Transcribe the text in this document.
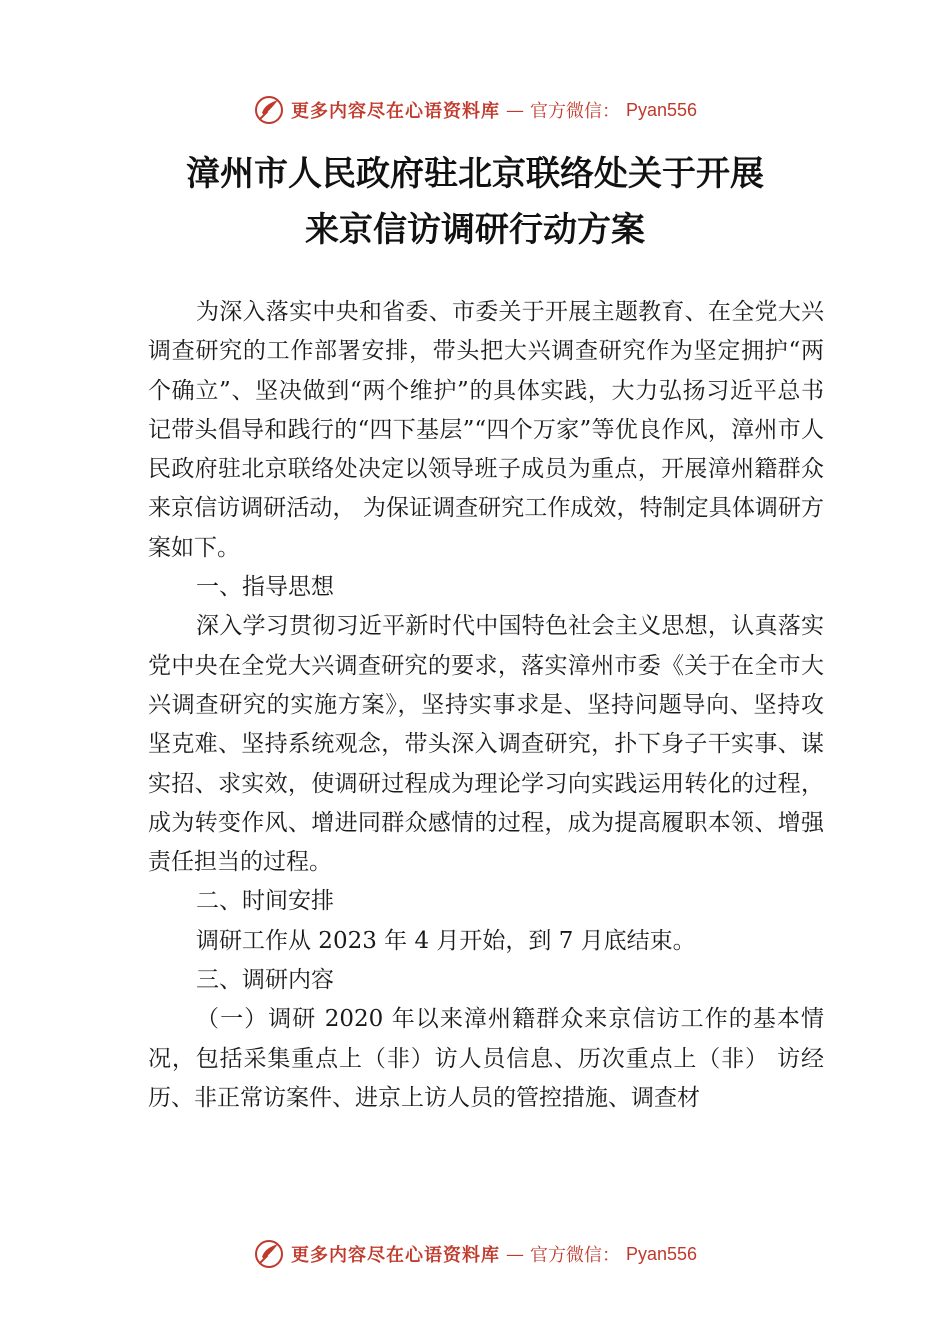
更多内容尽在心语资料库 — 官方微信： Pyan556
漳州市人民政府驻北京联络处关于开展
来京信访调研行动方案

为深入落实中央和省委、市委关于开展主题教育、在全党大兴调查研究的工作部署安排，带头把大兴调查研究作为坚定拥护“两个确立”、坚决做到“两个维护”的具体实践，大力弘扬习近平总书记带头倡导和践行的“四下基层”“四个万家”等优良作风，漳州市人民政府驻北京联络处决定以领导班子成员为重点，开展漳州籍群众来京信访调研活动， 为保证调查研究工作成效，特制定具体调研方案如下。

一、指导思想

深入学习贯彻习近平新时代中国特色社会主义思想，认真落实党中央在全党大兴调查研究的要求，落实漳州市委《关于在全市大兴调查研究的实施方案》，坚持实事求是、坚持问题导向、坚持攻坚克难、坚持系统观念，带头深入调查研究，扑下身子干实事、谋实招、求实效，使调研过程成为理论学习向实践运用转化的过程，成为转变作风、增进同群众感情的过程，成为提高履职本领、增强责任担当的过程。

二、时间安排

调研工作从 2023 年 4 月开始，到 7 月底结束。

三、调研内容

（一）调研 2020 年以来漳州籍群众来京信访工作的基本情况，包括采集重点上（非）访人员信息、历次重点上（非） 访经历、非正常访案件、进京上访人员的管控措施、调查材

更多内容尽在心语资料库 — 官方微信： Pyan556
